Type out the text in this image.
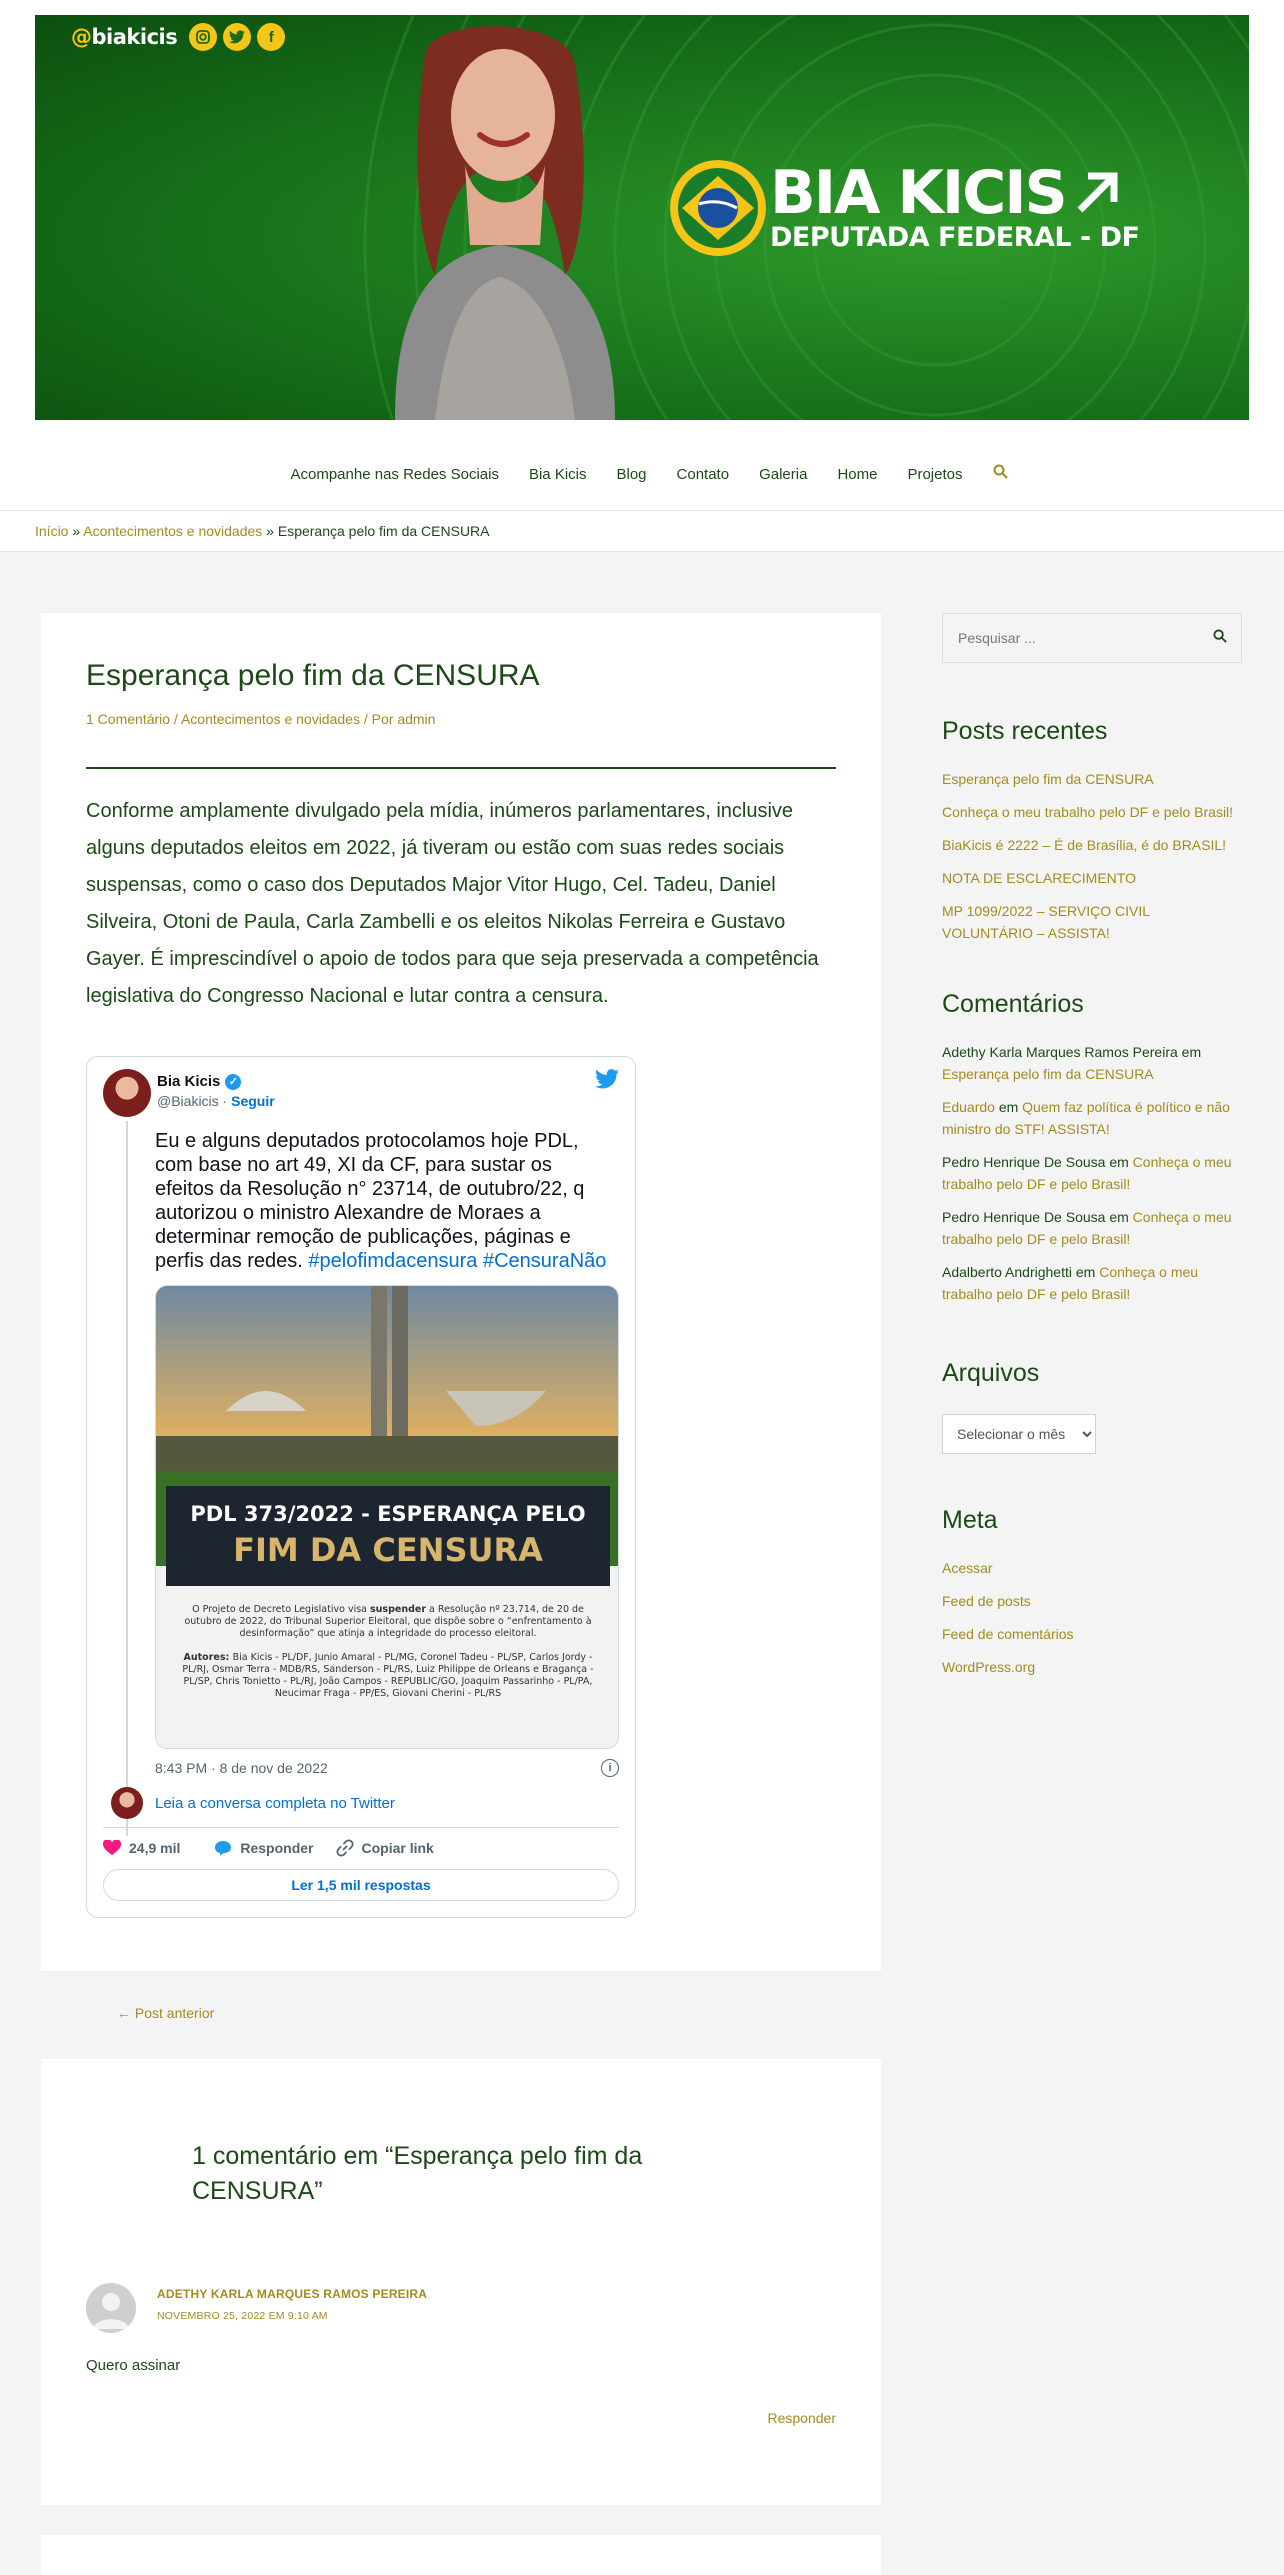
@biakicis	f
BIA KICIS
DEPUTADA FEDERAL - DF
Acompanhe nas Redes Sociais Bia Kicis Blog Contato Galeria Home Projetos
Início » Acontecimentos e novidades » Esperança pelo fim da CENSURA
Esperança pelo fim da CENSURA
1 Comentário / Acontecimentos e novidades / Por admin

Conforme amplamente divulgado pela mídia, inúmeros parlamentares, inclusive alguns deputados eleitos em 2022, já tiveram ou estão com suas redes sociais suspensas, como o caso dos Deputados Major Vitor Hugo, Cel. Tadeu, Daniel Silveira, Otoni de Paula, Carla Zambelli e os eleitos Nikolas Ferreira e Gustavo Gayer. É imprescindível o apoio de todos para que seja preservada a competência legislativa do Congresso Nacional e lutar contra a censura.

Bia Kicis ✓
@Biakicis · Seguir
Eu e alguns deputados protocolamos hoje PDL, com base no art 49, XI da CF, para sustar os efeitos da Resolução n° 23714, de outubro/22, q autorizou o ministro Alexandre de Moraes a determinar remoção de publicações, páginas e perfis das redes. #pelofimdacensura #CensuraNão
PDL 373/2022 - ESPERANÇA PELO
FIM DA CENSURA
O Projeto de Decreto Legislativo visa suspender a Resolução nº 23.714, de 20 de outubro de 2022, do Tribunal Superior Eleitoral, que dispõe sobre o “enfrentamento à desinformação” que atinja a integridade do processo eleitoral.
Autores: Bia Kicis - PL/DF, Junio Amaral - PL/MG, Coronel Tadeu - PL/SP, Carlos Jordy - PL/RJ, Osmar Terra - MDB/RS, Sanderson - PL/RS, Luiz Philippe de Orleans e Bragança - PL/SP, Chris Tonietto - PL/RJ, João Campos - REPUBLIC/GO, Joaquim Passarinho - PL/PA, Neucimar Fraga - PP/ES, Giovani Cherini - PL/RS
8:43 PM · 8 de nov de 2022	i
Leia a conversa completa no Twitter
24,9 mil	Responder	Copiar link
Ler 1,5 mil respostas
← Post anterior
1 comentário em “Esperança pelo fim da CENSURA”
ADETHY KARLA MARQUES RAMOS PEREIRA
NOVEMBRO 25, 2022 EM 9:10 AM

Quero assinar

Responder
Pesquisar ...
Posts recentes
Esperança pelo fim da CENSURA
Conheça o meu trabalho pelo DF e pelo Brasil!
BiaKicis é 2222 – É de Brasília, é do BRASIL!
NOTA DE ESCLARECIMENTO
MP 1099/2022 – SERVIÇO CIVIL VOLUNTÁRIO – ASSISTA!
Comentários
Adethy Karla Marques Ramos Pereira em Esperança pelo fim da CENSURA
Eduardo em Quem faz política é político e não ministro do STF! ASSISTA!
Pedro Henrique De Sousa em Conheça o meu trabalho pelo DF e pelo Brasil!
Pedro Henrique De Sousa em Conheça o meu trabalho pelo DF e pelo Brasil!
Adalberto Andrighetti em Conheça o meu trabalho pelo DF e pelo Brasil!
Arquivos
Selecionar o mês
Meta
Acessar
Feed de posts
Feed de comentários
WordPress.org
